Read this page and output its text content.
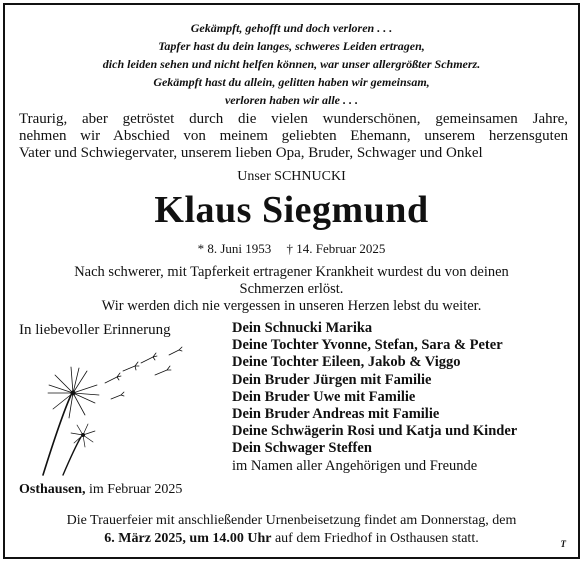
Gekämpft, gehofft und doch verloren . . .
Tapfer hast du dein langes, schweres Leiden ertragen,
dich leiden sehen und nicht helfen können, war unser allergrößter Schmerz.
Gekämpft hast du allein, gelitten haben wir gemeinsam,
verloren haben wir alle . . .
Traurig, aber getröstet durch die vielen wunderschönen, gemeinsamen Jahre,
nehmen wir Abschied von meinem geliebten Ehemann, unserem herzensguten
Vater und Schwiegervater, unserem lieben Opa, Bruder, Schwager und Onkel
Unser SCHNUCKI
Klaus Siegmund
* 8. Juni 1953 † 14. Februar 2025
Nach schwerer, mit Tapferkeit ertragener Krankheit wurdest du von deinen
Schmerzen erlöst.
Wir werden dich nie vergessen in unseren Herzen lebst du weiter.
In liebevoller Erinnerung	Dein Schnucki Marika
Deine Tochter Yvonne, Stefan, Sara & Peter
Deine Tochter Eileen, Jakob & Viggo
Dein Bruder Jürgen mit Familie
Dein Bruder Uwe mit Familie
Dein Bruder Andreas mit Familie
Deine Schwägerin Rosi und Katja und Kinder
Dein Schwager Steffen
im Namen aller Angehörigen und Freunde
Osthausen, im Februar 2025
Die Trauerfeier mit anschließender Urnenbeisetzung findet am Donnerstag, dem
6. März 2025, um 14.00 Uhr auf dem Friedhof in Osthausen statt.	T
